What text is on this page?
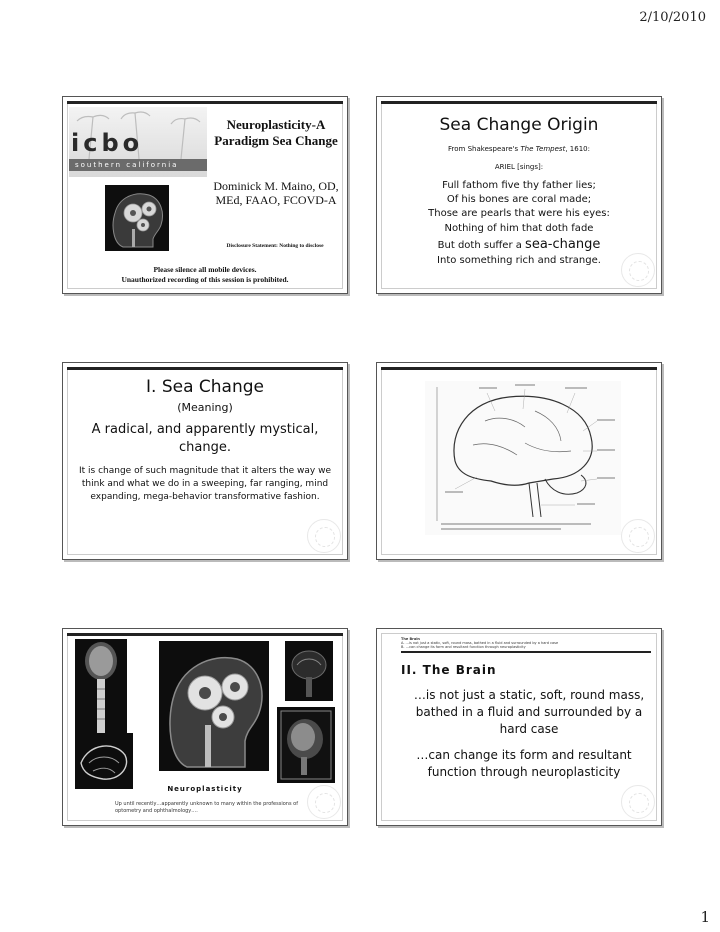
2/10/2010
icbo
southern california
Neuroplasticity-A Paradigm Sea Change
Dominick M. Maino, OD, MEd, FAAO, FCOVD-A
Disclosure Statement: Nothing to disclose
Please silence all mobile devices.
Unauthorized recording of this session is prohibited.
Sea Change Origin
From Shakespeare's The Tempest, 1610:
ARIEL [sings]:
Full fathom five thy father lies;
Of his bones are coral made;
Those are pearls that were his eyes:
Nothing of him that doth fade
But doth suffer a sea-change
Into something rich and strange.
I. Sea Change
(Meaning)
A radical, and apparently mystical, change.
It is change of such magnitude that it alters the way we think and what we do in a sweeping, far ranging, mind expanding, mega-behavior transformative fashion.
Neuroplasticity
Up until recently…apparently unknown to many within the professions of optometry and ophthalmology….
The Brain
A. …is not just a static, soft, round mass, bathed in a fluid and surrounded by a hard case
B. …can change its form and resultant function through neuroplasticity
II. The Brain
…is not just a static, soft, round mass, bathed in a fluid and surrounded by a hard case
…can change its form and resultant function through neuroplasticity
1
